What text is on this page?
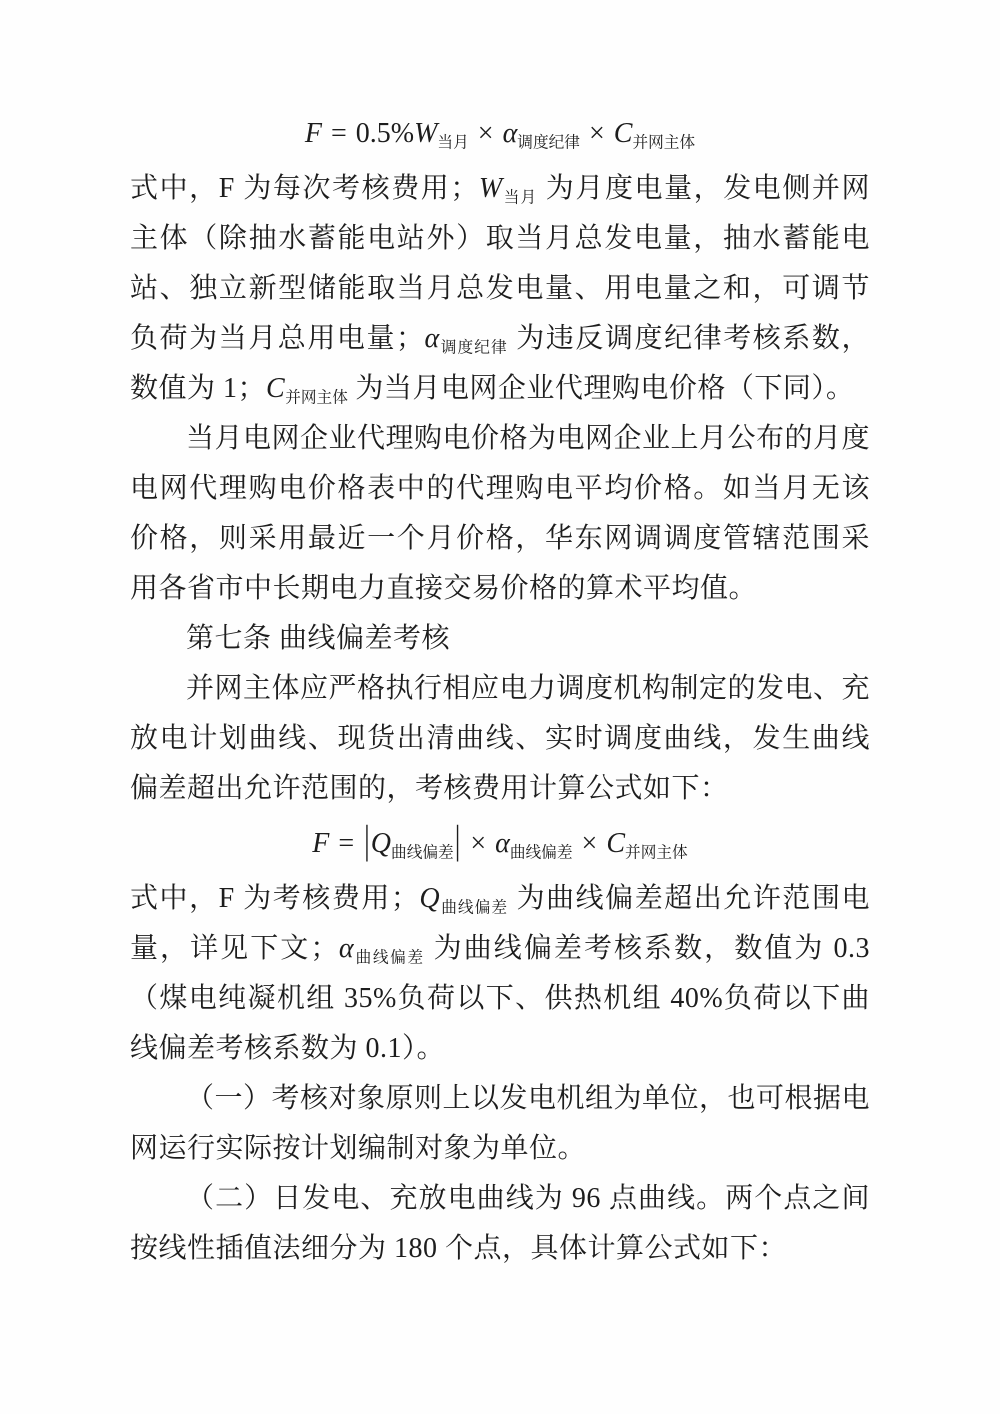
$F = 0.5\%W_{当月} \times \alpha_{调度纪律} \times C_{并网主体}$

式中，F 为每次考核费用；$W_{当月}$ 为月度电量，发电侧并网主体（除抽水蓄能电站外）取当月总发电量，抽水蓄能电站、独立新型储能取当月总发电量、用电量之和，可调节负荷为当月总用电量；$\alpha_{调度纪律}$ 为违反调度纪律考核系数，数值为 1；$C_{并网主体}$ 为当月电网企业代理购电价格（下同）。

当月电网企业代理购电价格为电网企业上月公布的月度电网代理购电价格表中的代理购电平均价格。如当月无该价格，则采用最近一个月价格，华东网调调度管辖范围采用各省市中长期电力直接交易价格的算术平均值。

第七条 曲线偏差考核

并网主体应严格执行相应电力调度机构制定的发电、充放电计划曲线、现货出清曲线、实时调度曲线，发生曲线偏差超出允许范围的，考核费用计算公式如下：

$F = |Q_{曲线偏差}| \times \alpha_{曲线偏差} \times C_{并网主体}$

式中，F 为考核费用；$Q_{曲线偏差}$ 为曲线偏差超出允许范围电量，详见下文；$\alpha_{曲线偏差}$ 为曲线偏差考核系数，数值为 0.3（煤电纯凝机组 35%负荷以下、供热机组 40%负荷以下曲线偏差考核系数为 0.1）。

（一）考核对象原则上以发电机组为单位，也可根据电网运行实际按计划编制对象为单位。

（二）日发电、充放电曲线为 96 点曲线。两个点之间按线性插值法细分为 180 个点，具体计算公式如下：
